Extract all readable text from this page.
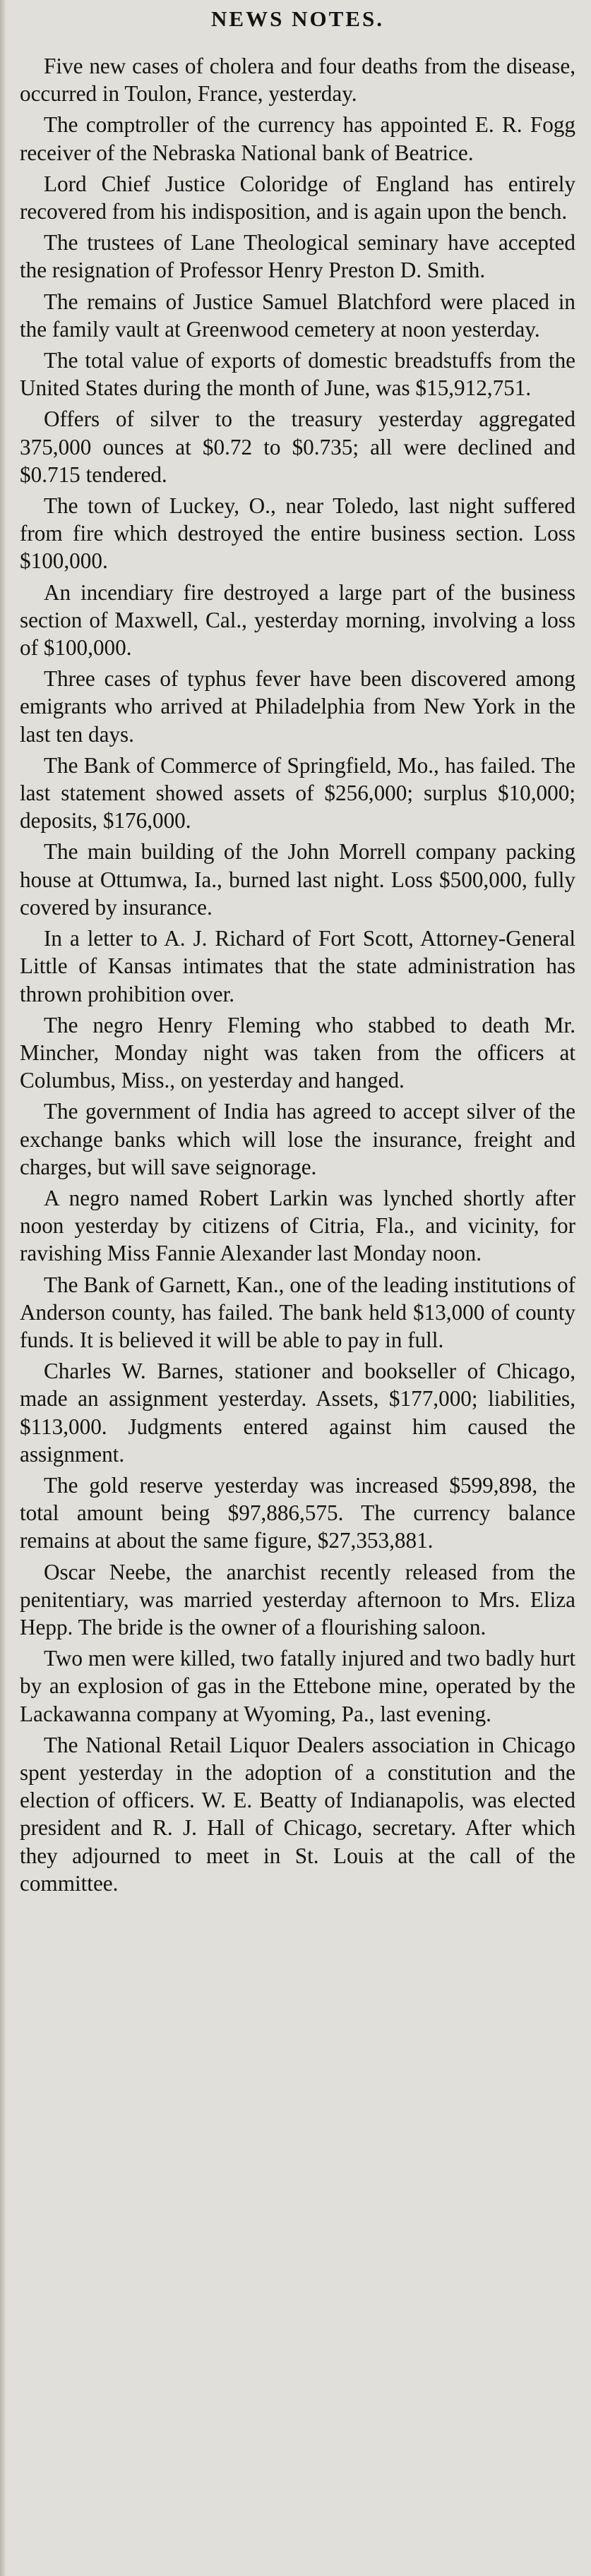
NEWS NOTES.

Five new cases of cholera and four deaths from the disease, occurred in Toulon, France, yesterday.

The comptroller of the currency has appointed E. R. Fogg receiver of the Nebraska National bank of Beatrice.

Lord Chief Justice Coloridge of England has entirely recovered from his indisposition, and is again upon the bench.

The trustees of Lane Theological seminary have accepted the resignation of Professor Henry Preston D. Smith.

The remains of Justice Samuel Blatchford were placed in the family vault at Greenwood cemetery at noon yesterday.

The total value of exports of domestic breadstuffs from the United States during the month of June, was $15,912,751.

Offers of silver to the treasury yesterday aggregated 375,000 ounces at $0.72 to $0.735; all were declined and $0.715 tendered.

The town of Luckey, O., near Toledo, last night suffered from fire which destroyed the entire business section. Loss $100,000.

An incendiary fire destroyed a large part of the business section of Maxwell, Cal., yesterday morning, involving a loss of $100,000.

Three cases of typhus fever have been discovered among emigrants who arrived at Philadelphia from New York in the last ten days.

The Bank of Commerce of Springfield, Mo., has failed. The last statement showed assets of $256,000; surplus $10,000; deposits, $176,000.

The main building of the John Morrell company packing house at Ottumwa, Ia., burned last night. Loss $500,000, fully covered by insurance.

In a letter to A. J. Richard of Fort Scott, Attorney-General Little of Kansas intimates that the state administration has thrown prohibition over.

The negro Henry Fleming who stabbed to death Mr. Mincher, Monday night was taken from the officers at Columbus, Miss., on yesterday and hanged.

The government of India has agreed to accept silver of the exchange banks which will lose the insurance, freight and charges, but will save seignorage.

A negro named Robert Larkin was lynched shortly after noon yesterday by citizens of Citria, Fla., and vicinity, for ravishing Miss Fannie Alexander last Monday noon.

The Bank of Garnett, Kan., one of the leading institutions of Anderson county, has failed. The bank held $13,000 of county funds. It is believed it will be able to pay in full.

Charles W. Barnes, stationer and bookseller of Chicago, made an assignment yesterday. Assets, $177,000; liabilities, $113,000. Judgments entered against him caused the assignment.

The gold reserve yesterday was increased $599,898, the total amount being $97,886,575. The currency balance remains at about the same figure, $27,353,881.

Oscar Neebe, the anarchist recently released from the penitentiary, was married yesterday afternoon to Mrs. Eliza Hepp. The bride is the owner of a flourishing saloon.

Two men were killed, two fatally injured and two badly hurt by an explosion of gas in the Ettebone mine, operated by the Lackawanna company at Wyoming, Pa., last evening.

The National Retail Liquor Dealers association in Chicago spent yesterday in the adoption of a constitution and the election of officers. W. E. Beatty of Indianapolis, was elected president and R. J. Hall of Chicago, secretary. After which they adjourned to meet in St. Louis at the call of the committee.
